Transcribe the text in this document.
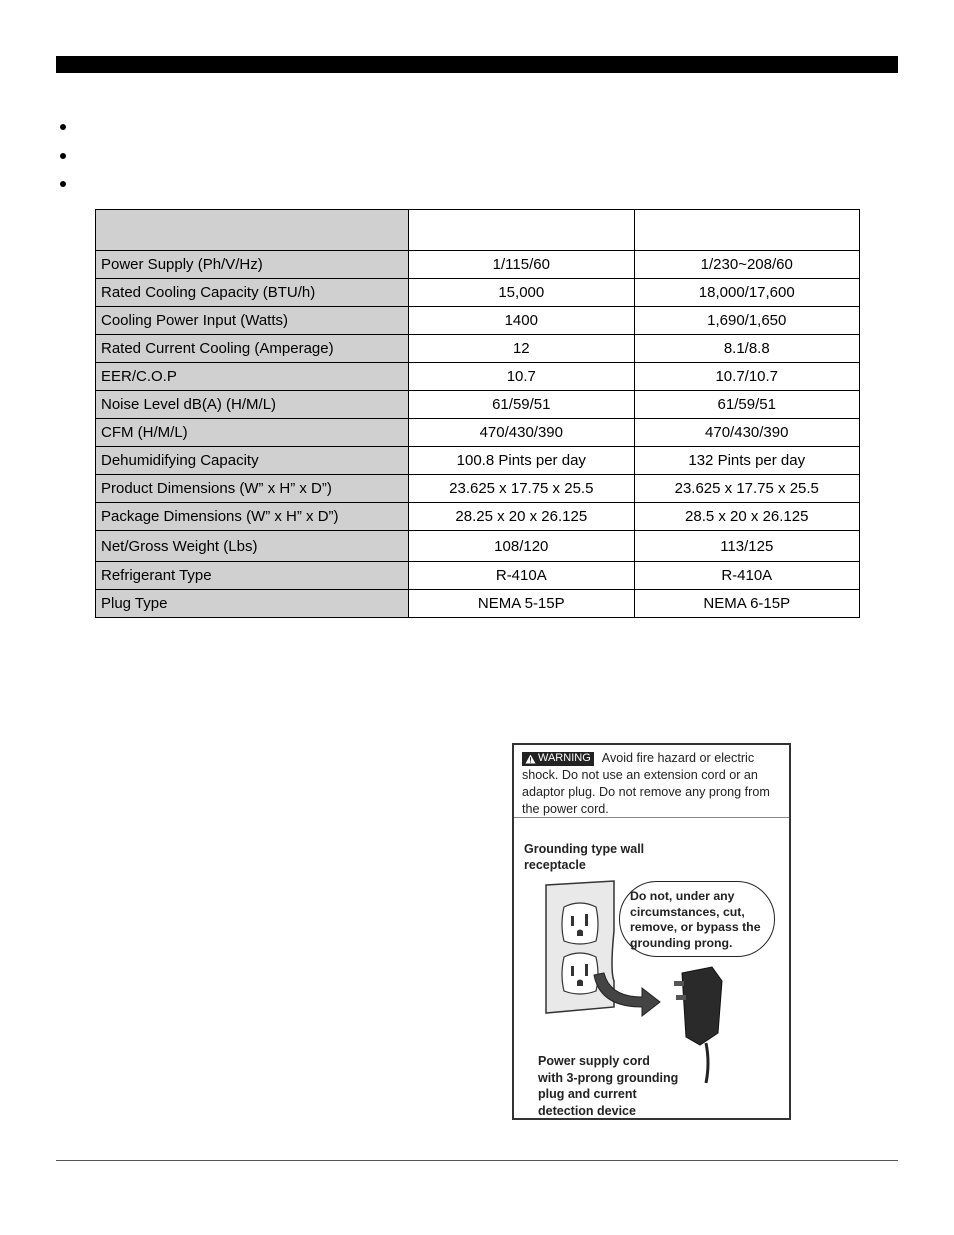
Power Supply (Ph/V/Hz)	1/115/60	1/230~208/60
Rated Cooling Capacity (BTU/h)	15,000	18,000/17,600
Cooling Power Input (Watts)	1400	1,690/1,650
Rated Current Cooling (Amperage)	12	8.1/8.8
EER/C.O.P	10.7	10.7/10.7
Noise Level dB(A) (H/M/L)	61/59/51	61/59/51
CFM (H/M/L)	470/430/390	470/430/390
Dehumidifying Capacity	100.8 Pints per day	132 Pints per day
Product Dimensions (W” x H” x D”)	23.625 x 17.75 x 25.5	23.625 x 17.75 x 25.5
Package Dimensions (W” x H” x D”)	28.25 x 20 x 26.125	28.5 x 20 x 26.125
Net/Gross Weight (Lbs)	108/120	113/125
Refrigerant Type	R-410A	R-410A
Plug Type	NEMA 5-15P	NEMA 6-15P
WARNING Avoid fire hazard or electric shock. Do not use an extension cord or an adaptor plug. Do not remove any prong from the power cord.
Grounding type wall
receptacle
Do not, under any
circumstances, cut,
remove, or bypass the
grounding prong.
Power supply cord
with 3-prong grounding
plug and current
detection device
